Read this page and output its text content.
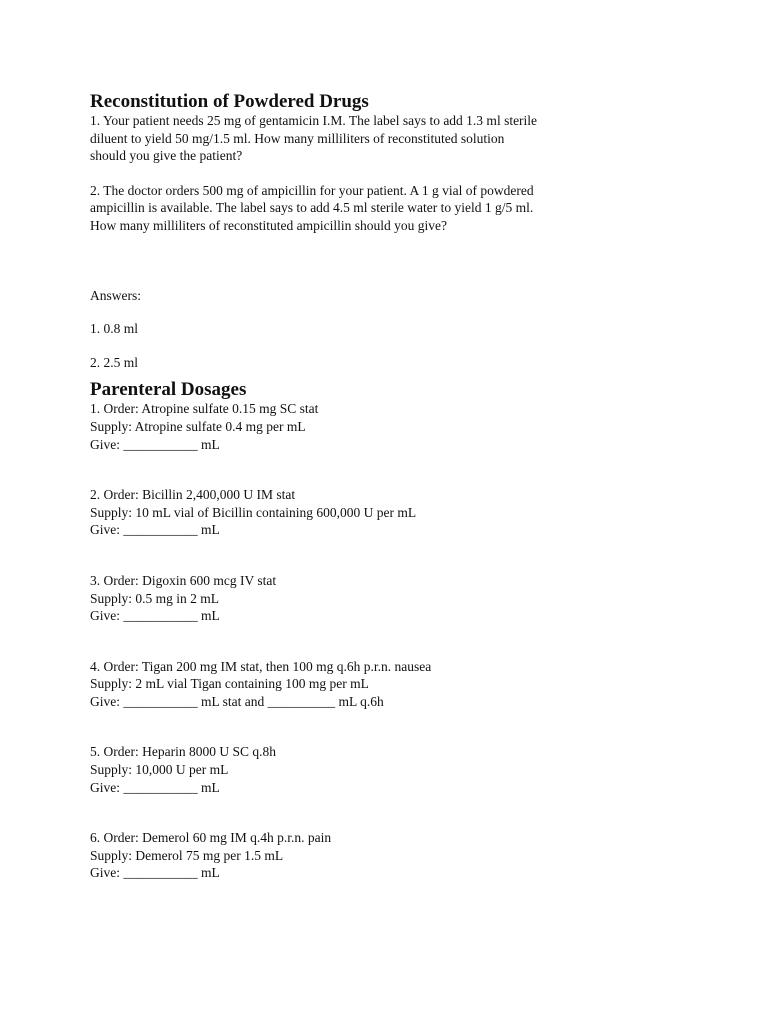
Reconstitution of Powdered Drugs

1. Your patient needs 25 mg of gentamicin I.M. The label says to add 1.3 ml sterile
diluent to yield 50 mg/1.5 ml. How many milliliters of reconstituted solution
should you give the patient?

2. The doctor orders 500 mg of ampicillin for your patient. A 1 g vial of powdered
ampicillin is available. The label says to add 4.5 ml sterile water to yield 1 g/5 ml.
How many milliliters of reconstituted ampicillin should you give?

Answers:

1. 0.8 ml

2. 2.5 ml

Parenteral Dosages

1. Order: Atropine sulfate 0.15 mg SC stat
Supply: Atropine sulfate 0.4 mg per mL
Give: ___________ mL

2. Order: Bicillin 2,400,000 U IM stat
Supply: 10 mL vial of Bicillin containing 600,000 U per mL
Give: ___________ mL

3. Order: Digoxin 600 mcg IV stat
Supply: 0.5 mg in 2 mL
Give: ___________ mL

4. Order: Tigan 200 mg IM stat, then 100 mg q.6h p.r.n. nausea
Supply: 2 mL vial Tigan containing 100 mg per mL
Give: ___________ mL stat and __________ mL q.6h

5. Order: Heparin 8000 U SC q.8h
Supply: 10,000 U per mL
Give: ___________ mL

6. Order: Demerol 60 mg IM q.4h p.r.n. pain
Supply: Demerol 75 mg per 1.5 mL
Give: ___________ mL
